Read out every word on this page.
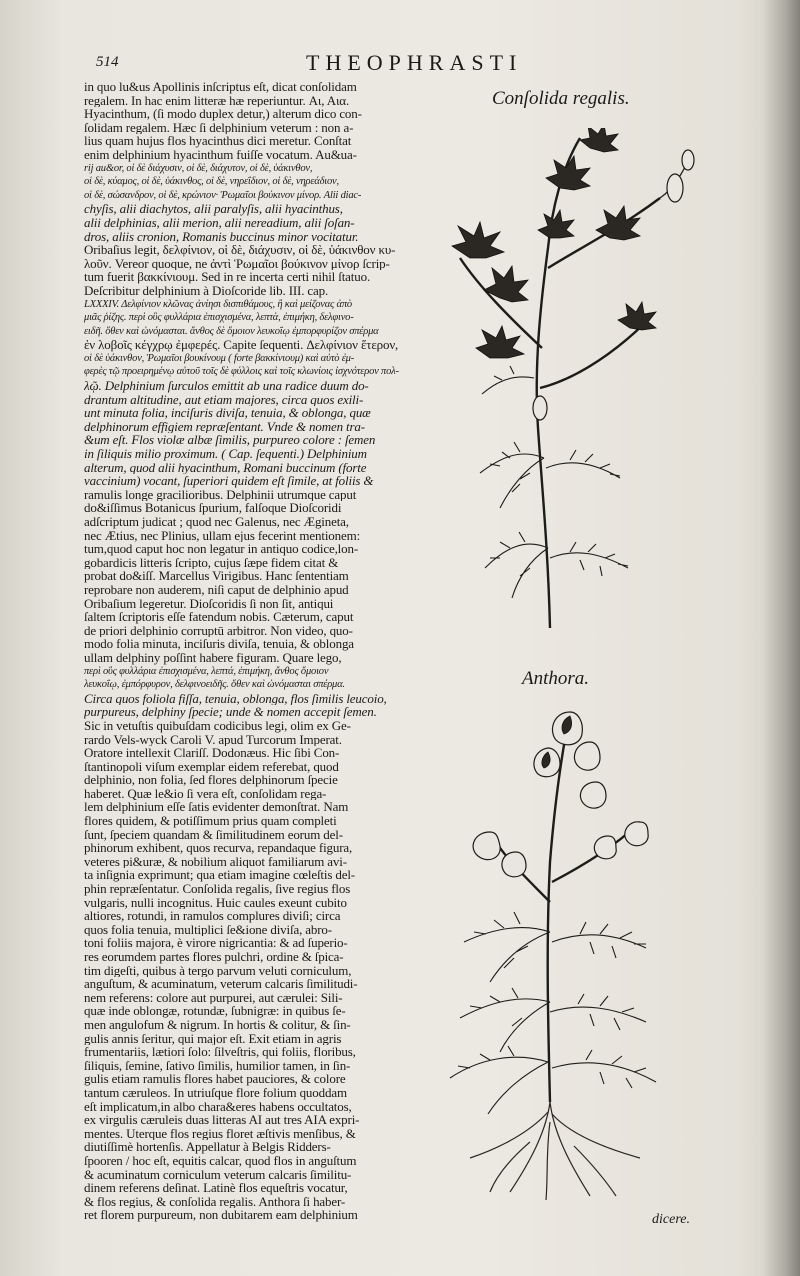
514	THEOPHRASTI
in quo lu&us Apollinis inſcriptus eſt, dicat conſolidam
regalem. In hac enim litteræ hæ reperiuntur. Αι, Αια.
Hyacinthum, (ſi modo duplex detur,) alterum dico con-
ſolidam regalem. Hæc ſi delphinium veterum : non a-
lius quam hujus flos hyacinthus dici meretur. Conſtat
enim delphinium hyacinthum fuiſſe vocatum. Au&ua-
rij au&or, οἱ δὲ διάχυσιν, οἱ δὲ, διάχυτον, οἱ δὲ, ὑάκινθον,
οἱ δὲ, κύαμος, οἱ δὲ, ὑάκινθος, οἱ δὲ, νηρεΐδιον, οἱ δὲ, νηρεάδιον,
οἱ δὲ, σώσανδρον, οἱ δὲ, κρώνιον· Ῥωμαῖοι βούκινον μίνορ. Alii diac-
chyſis, alii diachytos, alii paralyſis, alii hyacinthus,
alii delphinias, alii merion, alii nereadium, alii ſoſan-
dros, aliis cronion, Romanis buccinus minor vocitatur.
Oribaſius legit, δελφίνιον, οἱ δὲ, διάχυσιν, οἱ δὲ, ὑάκινθον κυ-
λοῦν. Vereor quoque, ne ἀντὶ Ῥωμαῖοι βούκινον μίνορ ſcrip-
tum fuerit βακκίνιουμ. Sed in re incerta certi nihil ſtatuo.
Deſcribitur delphinium à Dioſcoride lib. III. cap.
LXXXIV. Δελφίνιον κλῶνας ἀνίησι δισπιθάμους, ἢ καὶ μείζονας ἀπὸ
μιᾶς ῥίζης. περὶ οὓς φυλλάρια ἐπισχισμένα, λεπτὰ, ἐπιμήκη, δελφινο-
ειδῆ. ὅθεν καὶ ὠνόμασται. ἄνθος δὲ ὅμοιον λευκοΐῳ ἐμπορφυρίζον σπέρμα
ἐν λοβοῖς κέγχρῳ ἐμφερές. Capite ſequenti. Δελφίνιον ἕτερον,
οἱ δὲ ὑάκινθον, Ῥωμαῖοι βουκίνουμ ( forte βακκίνιουμ) καὶ αὐτὸ ἐμ-
φερὲς τῷ προειρημένῳ αὐτοῦ τοῖς δὲ φύλλοις καὶ τοῖς κλωνίοις ἰσχνότερον πολ-
λῷ. Delphinium ſurculos emittit ab una radice duum do-
drantum altitudine, aut etiam majores, circa quos exili-
unt minuta folia, inciſuris diviſa, tenuia, & oblonga, quæ
delphinorum effigiem repræſentant. Vnde & nomen tra-
&um eſt. Flos violæ albæ ſimilis, purpureo colore : ſemen
in ſiliquis milio proximum. ( Cap. ſequenti.) Delphinium
alterum, quod alii hyacinthum, Romani buccinum (forte
vaccinium) vocant, ſuperiori quidem eſt ſimile, at foliis &
ramulis longe gracilioribus. Delphinii utrumque caput
do&iſſimus Botanicus ſpurium, falſoque Dioſcoridi
adſcriptum judicat ; quod nec Galenus, nec Ægineta,
nec Ætius, nec Plinius, ullam ejus fecerint mentionem:
tum,quod caput hoc non legatur in antiquo codice,lon-
gobardicis litteris ſcripto, cujus ſæpe fidem citat &
probat do&iſſ. Marcellus Virigibus. Hanc ſententiam
reprobare non auderem, niſi caput de delphinio apud
Oribaſium legeretur. Dioſcoridis ſi non ſit, antiqui
ſaltem ſcriptoris eſſe fatendum nobis. Cæterum, caput
de priori delphinio corruptū arbitror. Non video, quo-
modo folia minuta, inciſuris diviſa, tenuia, & oblonga
ullam delphiny poſſint habere figuram. Quare lego,
περὶ οὓς φυλλάρια ἐπισχισμένα, λεπτά, ἐπιμήκη, ἄνθος ὅμοιον
λευκοΐῳ, ἐμπόρφυρον, δελφινοειδῆς. ὅθεν καὶ ὠνόμασται σπέρμα.
Circa quos foliola fiſſa, tenuia, oblonga, flos ſimilis leucoio,
purpureus, delphiny ſpecie; unde & nomen accepit ſemen.
Sic in vetuſtis quibuſdam codicibus legi, olim ex Ge-
rardo Vels-wyck Caroli V. apud Turcorum Imperat.
Oratore intellexit Clariſſ. Dodonæus. Hic ſibi Con-
ſtantinopoli viſum exemplar eidem referebat, quod
delphinio, non folia, ſed flores delphinorum ſpecie
haberet. Quæ le&io ſi vera eſt, conſolidam rega-
lem delphinium eſſe ſatis evidenter demonſtrat. Nam
flores quidem, & potiſſimum prius quam completi
ſunt, ſpeciem quandam & ſimilitudinem eorum del-
phinorum exhibent, quos recurva, repandaque figura,
veteres pi&uræ, & nobilium aliquot familiarum avi-
ta inſignia exprimunt; qua etiam imagine cœleſtis del-
phin repræſentatur. Conſolida regalis, ſive regius flos
vulgaris, nulli incognitus. Huic caules exeunt cubito
altiores, rotundi, in ramulos complures diviſi; circa
quos folia tenuia, multiplici ſe&ione diviſa, abro-
toni foliis majora, è virore nigricantia: & ad ſuperio-
res eorumdem partes flores pulchri, ordine & ſpica-
tim digeſti, quibus à tergo parvum veluti corniculum,
anguſtum, & acuminatum, veterum calcaris ſimilitudi-
nem referens: colore aut purpurei, aut cærulei: Sili-
quæ inde oblongæ, rotundæ, ſubnigræ: in quibus ſe-
men angulofum & nigrum. In hortis & colitur, & ſin-
gulis annis ſeritur, qui major eſt. Exit etiam in agris
frumentariis, lætiori ſolo: ſilveſtris, qui foliis, floribus,
ſiliquis, ſemine, ſativo ſimilis, humilior tamen, in ſin-
gulis etiam ramulis flores habet pauciores, & colore
tantum cæruleos. In utriuſque flore folium quoddam
eſt implicatum,in albo chara&eres habens occultatos,
ex virgulis cæruleis duas litteras AI aut tres AIA expri-
mentes. Uterque flos regius floret æſtivis menſibus, &
diutiſſimè hortenſis. Appellatur à Belgis Ridders-
ſpooren / hoc eſt, equitis calcar, quod flos in anguſtum
& acuminatum corniculum veterum calcaris ſimilitu-
dinem referens deſinat. Latinè flos equeſtris vocatur,
& flos regius, & conſolida regalis. Anthora ſi haber-
ret florem purpureum, non dubitarem eam delphinium
Conſolida regalis.
Anthora.
dicere.
